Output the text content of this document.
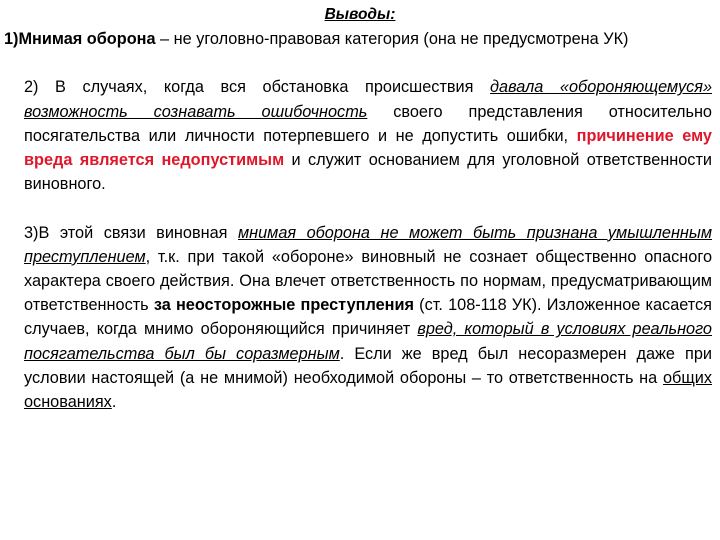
Выводы:

1)Мнимая оборона – не уголовно-правовая категория (она не предусмотрена УК)

2) В случаях, когда вся обстановка происшествия давала «обороняющемуся» возможность сознавать ошибочность своего представления относительно посягательства или личности потерпевшего и не допустить ошибки, причинение ему вреда является недопустимым и служит основанием для уголовной ответственности виновного.

3)В этой связи виновная мнимая оборона не может быть признана умышленным преступлением, т.к. при такой «обороне» виновный не сознает общественно опасного характера своего действия. Она влечет ответственность по нормам, предусматривающим ответственность за неосторожные преступления (ст. 108-118 УК). Изложенное касается случаев, когда мнимо обороняющийся причиняет вред, который в условиях реального посягательства был бы соразмерным. Если же вред был несоразмерен даже при условии настоящей (а не мнимой) необходимой обороны – то ответственность на общих основаниях.
